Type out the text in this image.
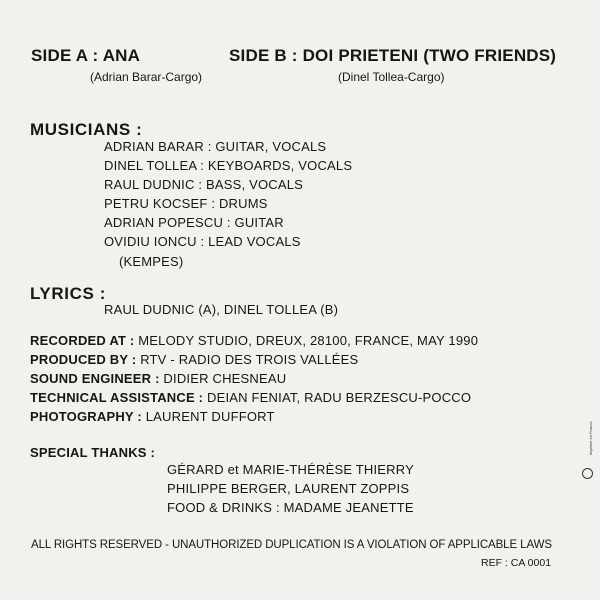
SIDE A : ANA
(Adrian Barar-Cargo)
SIDE B : DOI PRIETENI (TWO FRIENDS)
(Dinel Tollea-Cargo)
MUSICIANS :
ADRIAN BARAR : GUITAR, VOCALS
DINEL TOLLEA : KEYBOARDS, VOCALS
RAUL DUDNIC : BASS, VOCALS
PETRU KOCSEF : DRUMS
ADRIAN POPESCU : GUITAR
OVIDIU IONCU : LEAD VOCALS
(KEMPES)
LYRICS :
RAUL DUDNIC (A), DINEL TOLLEA (B)
RECORDED AT : MELODY STUDIO, DREUX, 28100, FRANCE, MAY 1990
PRODUCED BY : RTV - RADIO DES TROIS VALLÉES
SOUND ENGINEER : DIDIER CHESNEAU
TECHNICAL ASSISTANCE : DEIAN FENIAT, RADU BERZESCU-POCCO
PHOTOGRAPHY : LAURENT DUFFORT
SPECIAL THANKS :
GÉRARD et MARIE-THÉRÈSE THIERRY
PHILIPPE BERGER, LAURENT ZOPPIS
FOOD & DRINKS : MADAME JEANETTE
ALL RIGHTS RESERVED - UNAUTHORIZED DUPLICATION IS A VIOLATION OF APPLICABLE LAWS
REF : CA 0001
Imprimé en France
